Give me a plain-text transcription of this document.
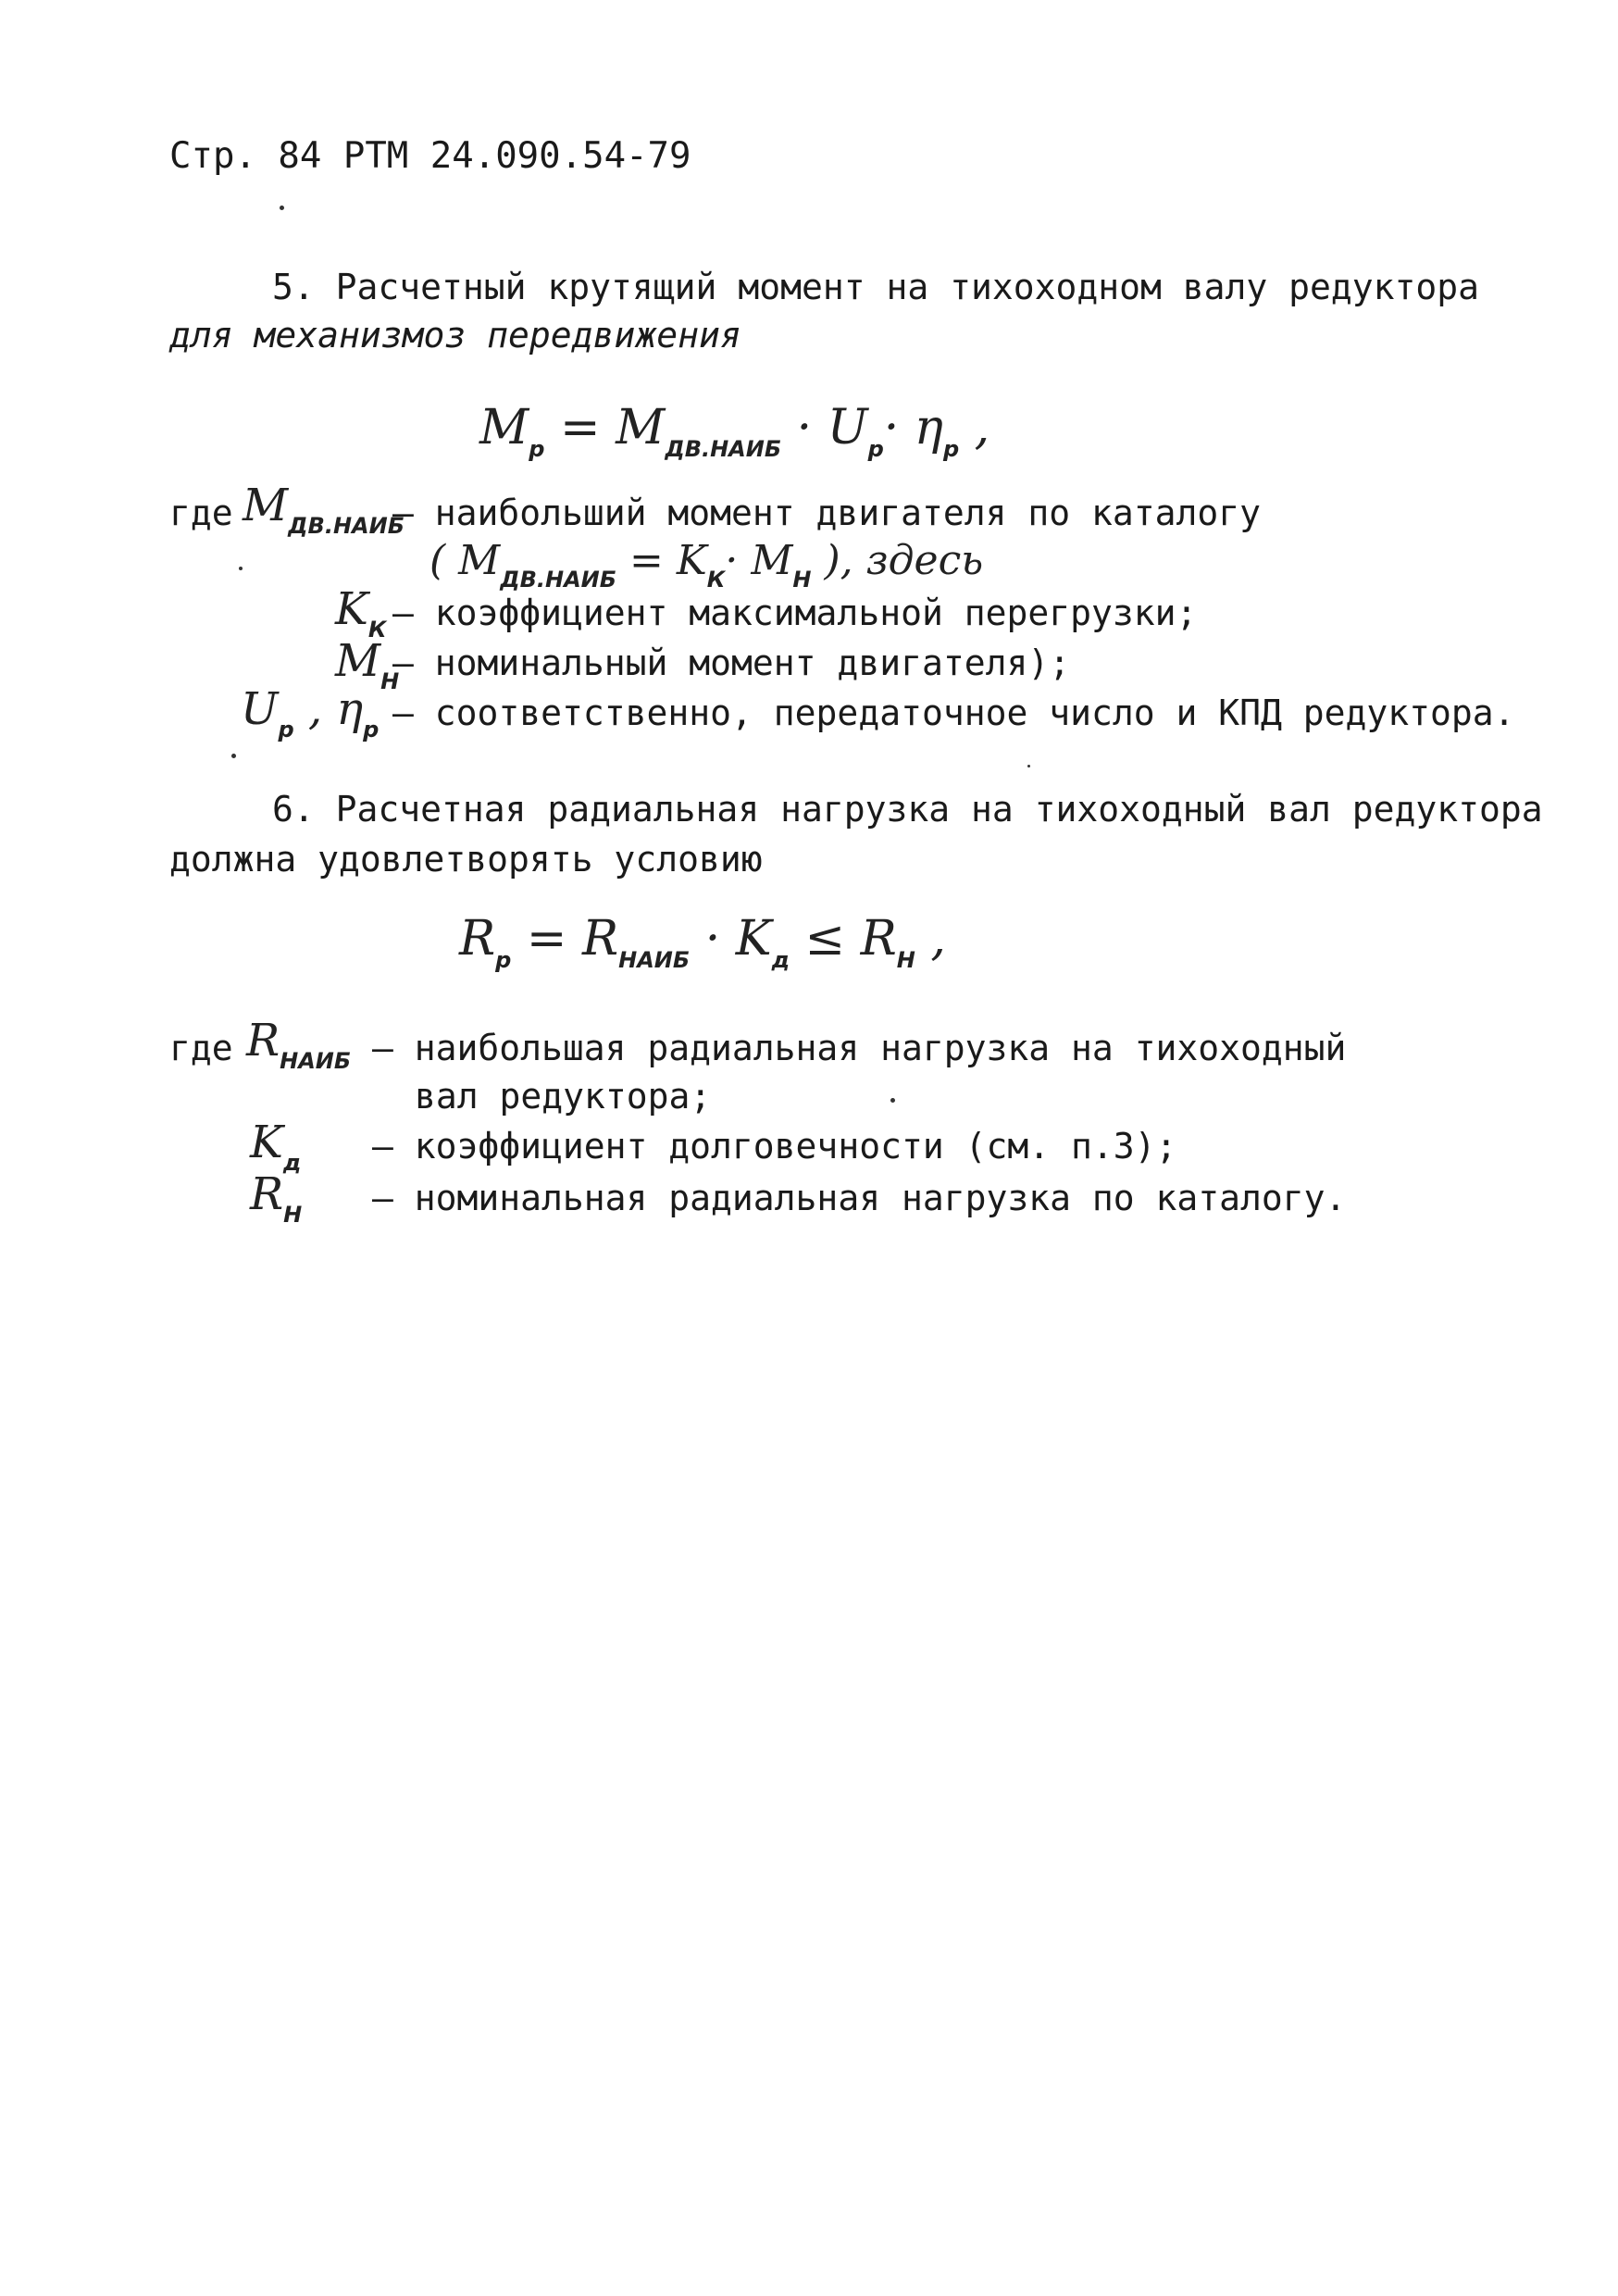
Стр. 84 РТМ 24.090.54-79
5. Расчетный крутящий момент на тихоходном валу редуктора
для механизмоз передвижения
$M_p = M_{ДВ.НАИБ} \cdot U_p\cdot \eta_p$ ,
где $M_{ДВ.НАИБ}$
– наибольший момент двигателя по каталогу
( $M_{ДВ.НАИБ} = K_К\cdot M_Н$ ), здесь
$K_К$ – коэффициент максимальной перегрузки;
$M_Н$
– номинальный момент двигателя);
$U_p$ , $\eta_p$ – соответственно, передаточное число и КПД редуктора.
6. Расчетная радиальная нагрузка на тихоходный вал редуктора
должна удовлетворять условию
$R_p = R_{НАИБ} \cdot K_д \le R_Н$ ,
где $R_{НАИБ}$ – наибольшая радиальная нагрузка на тихоходный
вал редуктора;
$K_д$ – коэффициент долговечности (см. п.3);
$R_Н$ – номинальная радиальная нагрузка по каталогу.
